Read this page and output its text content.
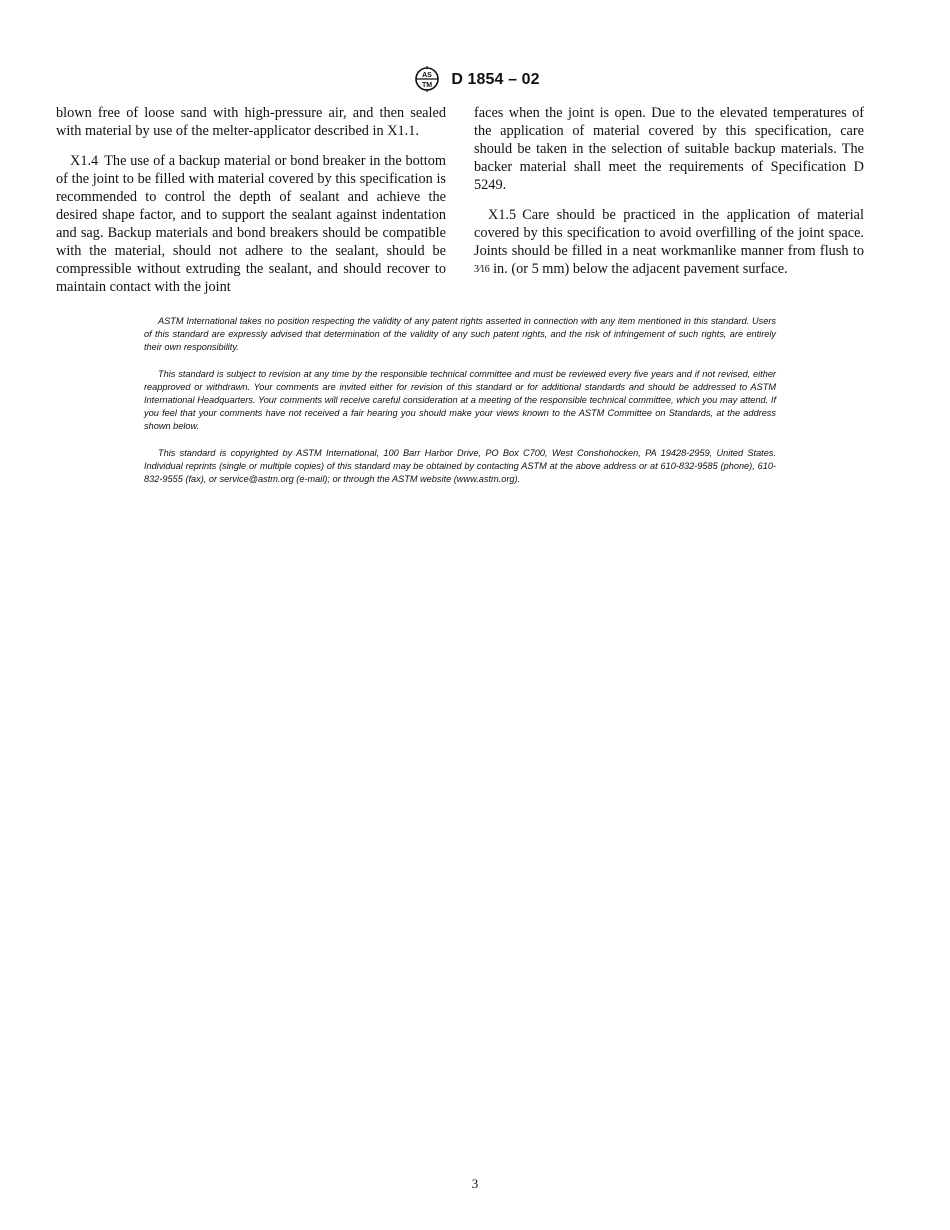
AS
TM D 1854 – 02

blown free of loose sand with high-pressure air, and then sealed with material by use of the melter-applicator described in X1.1.

X1.4 The use of a backup material or bond breaker in the bottom of the joint to be filled with material covered by this specification is recommended to control the depth of sealant and achieve the desired shape factor, and to support the sealant against indentation and sag. Backup materials and bond breakers should be compatible with the material, should not adhere to the sealant, should be compressible without extruding the sealant, and should recover to maintain contact with the joint

faces when the joint is open. Due to the elevated temperatures of the application of material covered by this specification, care should be taken in the selection of suitable backup materials. The backer material shall meet the requirements of Specification D 5249.

X1.5 Care should be practiced in the application of material covered by this specification to avoid overfilling of the joint space. Joints should be filled in a neat workmanlike manner from flush to 3⁄16 in. (or 5 mm) below the adjacent pavement surface.

ASTM International takes no position respecting the validity of any patent rights asserted in connection with any item mentioned in this standard. Users of this standard are expressly advised that determination of the validity of any such patent rights, and the risk of infringement of such rights, are entirely their own responsibility.

This standard is subject to revision at any time by the responsible technical committee and must be reviewed every five years and if not revised, either reapproved or withdrawn. Your comments are invited either for revision of this standard or for additional standards and should be addressed to ASTM International Headquarters. Your comments will receive careful consideration at a meeting of the responsible technical committee, which you may attend. If you feel that your comments have not received a fair hearing you should make your views known to the ASTM Committee on Standards, at the address shown below.

This standard is copyrighted by ASTM International, 100 Barr Harbor Drive, PO Box C700, West Conshohocken, PA 19428-2959, United States. Individual reprints (single or multiple copies) of this standard may be obtained by contacting ASTM at the above address or at 610-832-9585 (phone), 610-832-9555 (fax), or service@astm.org (e-mail); or through the ASTM website (www.astm.org).

3
